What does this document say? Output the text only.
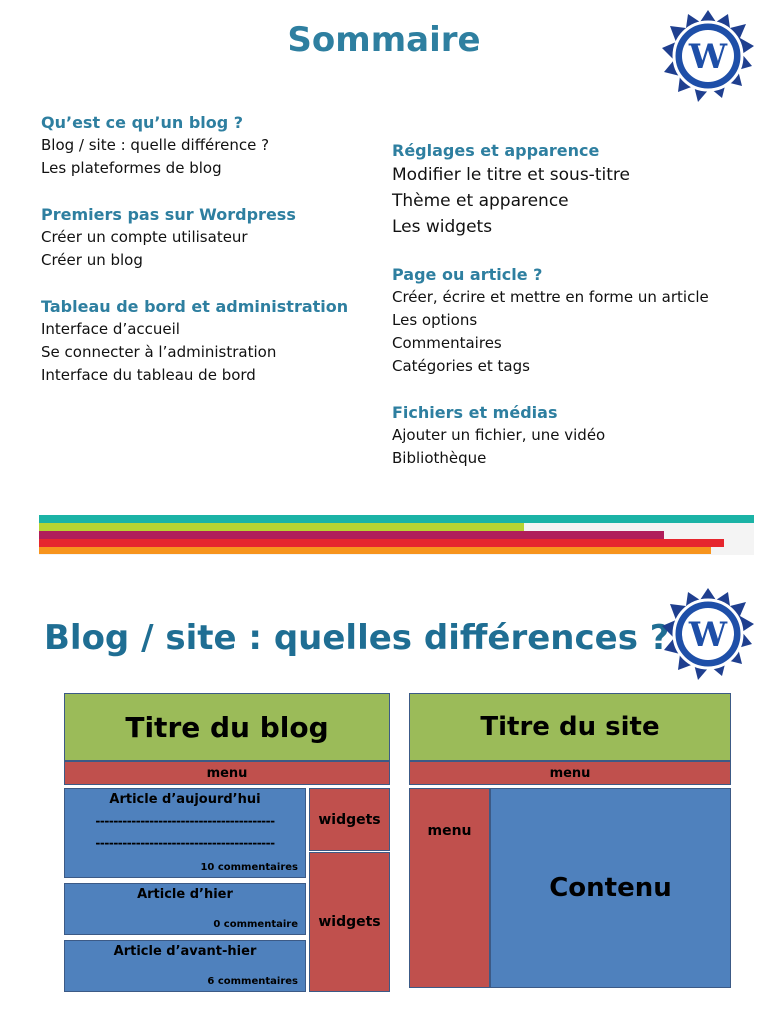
Sommaire	W
Qu’est ce qu’un blog ?
Blog / site : quelle différence ?
Les plateformes de blog
Premiers pas sur Wordpress
Créer un compte utilisateur
Créer un blog
Tableau de bord et administration
Interface d’accueil
Se connecter à l’administration
Interface du tableau de bord
Réglages et apparence
Modifier le titre et sous-titre
Thème et apparence
Les widgets
Page ou article ?
Créer, écrire et mettre en forme un article
Les options
Commentaires
Catégories et tags
Fichiers et médias
Ajouter un fichier, une vidéo
Bibliothèque
Blog / site : quelles différences ? W
Titre du blog
menu
Article d’aujourd’hui
----------------------------------------
----------------------------------------
10 commentaires
Article d’hier
0 commentaire
Article d’avant-hier
6 commentaires
widgets
widgets
Titre du site
menu
menu
Contenu
